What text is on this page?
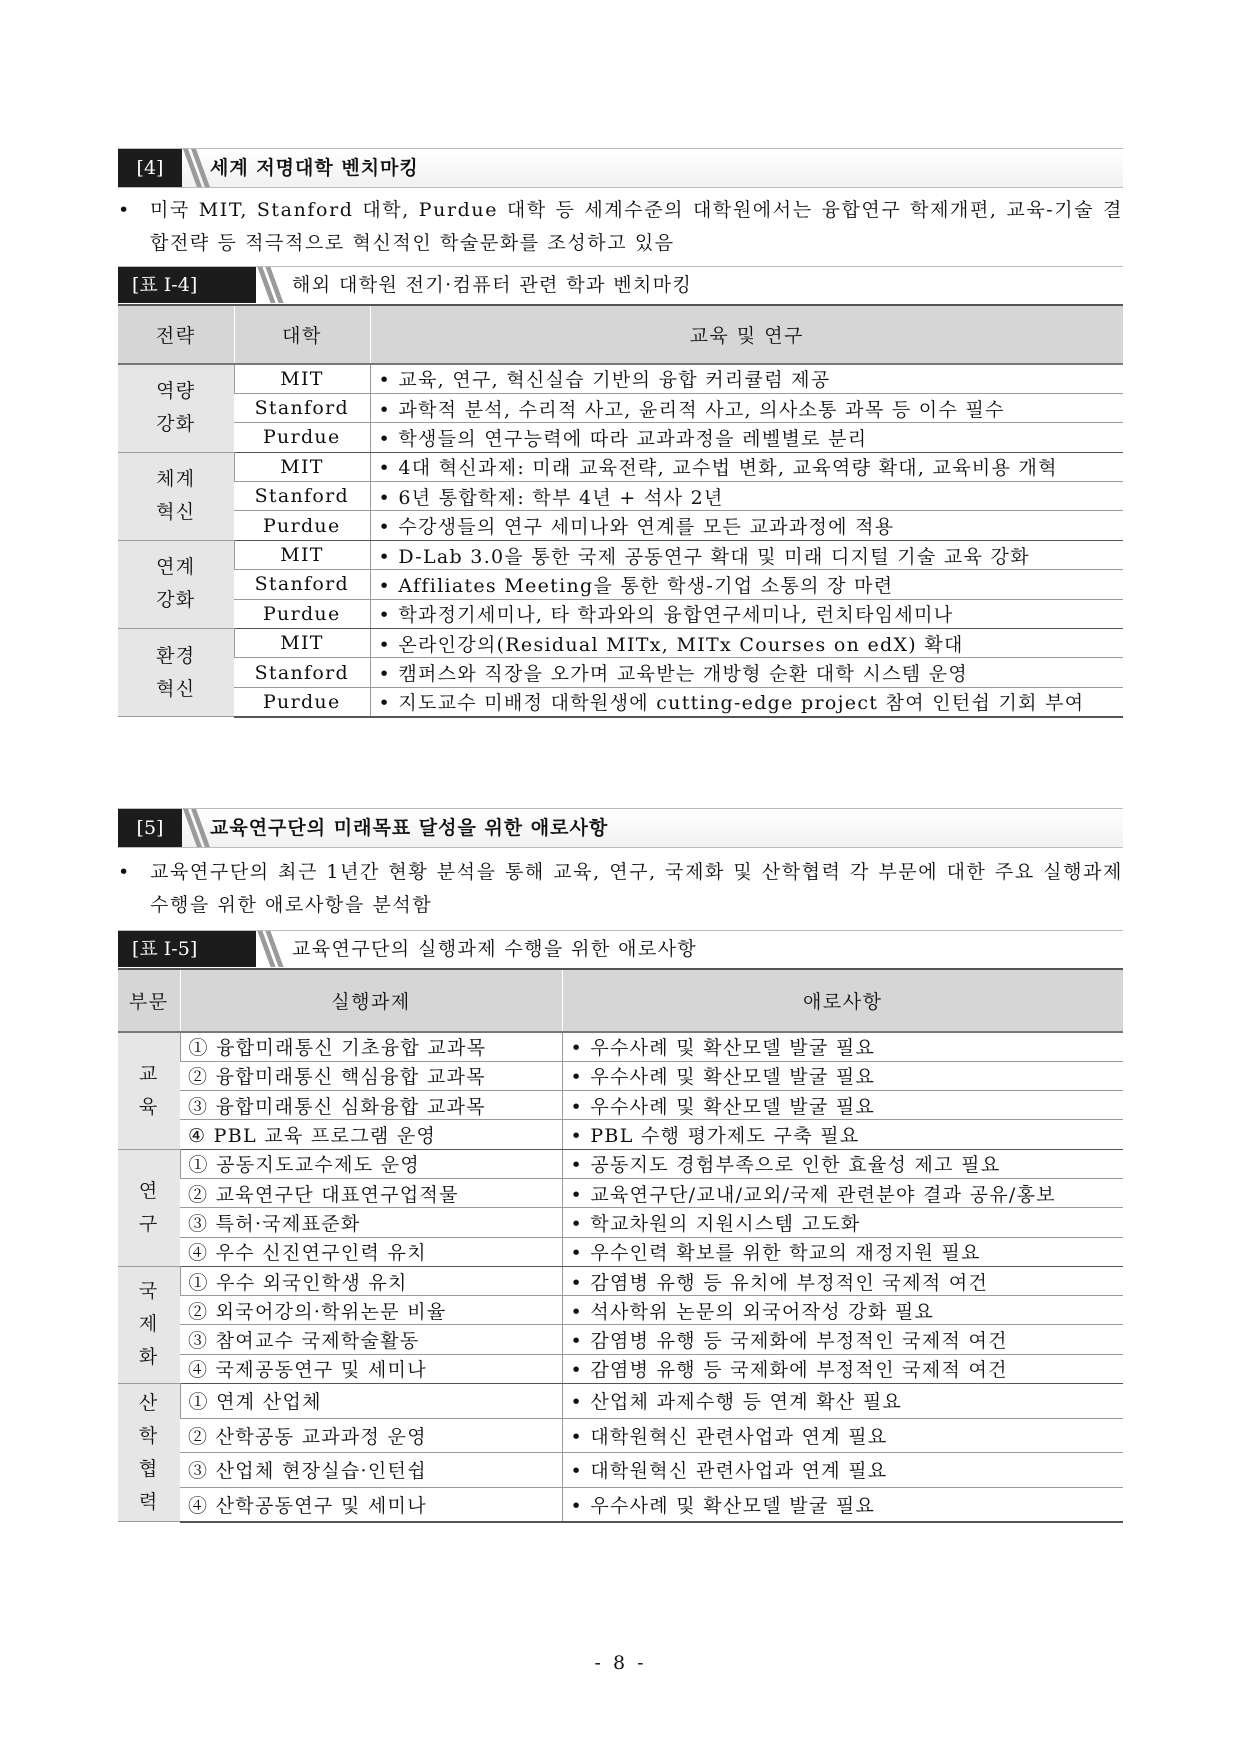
[4]	세계 저명대학 벤치마킹
•	미국 MIT, Stanford 대학, Purdue 대학 등 세계수준의 대학원에서는 융합연구 학제개편, 교육-기술 결합전략 등 적극적으로 혁신적인 학술문화를 조성하고 있음
[표 I-4]	해외 대학원 전기·컴퓨터 관련 학과 벤치마킹
전략	대학	교육 및 연구
역량 강화	MIT	• 교육, 연구, 혁신실습 기반의 융합 커리큘럼 제공
	Stanford	• 과학적 분석, 수리적 사고, 윤리적 사고, 의사소통 과목 등 이수 필수
	Purdue	• 학생들의 연구능력에 따라 교과과정을 레벨별로 분리
체계 혁신	MIT	• 4대 혁신과제: 미래 교육전략, 교수법 변화, 교육역량 확대, 교육비용 개혁
	Stanford	• 6년 통합학제: 학부 4년 + 석사 2년
	Purdue	• 수강생들의 연구 세미나와 연계를 모든 교과과정에 적용
연계 강화	MIT	• D-Lab 3.0을 통한 국제 공동연구 확대 및 미래 디지털 기술 교육 강화
	Stanford	• Affiliates Meeting을 통한 학생-기업 소통의 장 마련
	Purdue	• 학과정기세미나, 타 학과와의 융합연구세미나, 런치타임세미나
환경 혁신	MIT	• 온라인강의(Residual MITx, MITx Courses on edX) 확대
	Stanford	• 캠퍼스와 직장을 오가며 교육받는 개방형 순환 대학 시스템 운영
	Purdue	• 지도교수 미배정 대학원생에 cutting-edge project 참여 인턴쉽 기회 부여
[5]	교육연구단의 미래목표 달성을 위한 애로사항
•	교육연구단의 최근 1년간 현황 분석을 통해 교육, 연구, 국제화 및 산학협력 각 부문에 대한 주요 실행과제 수행을 위한 애로사항을 분석함
[표 I-5]	교육연구단의 실행과제 수행을 위한 애로사항
부문	실행과제	애로사항
교육	① 융합미래통신 기초융합 교과목	• 우수사례 및 확산모델 발굴 필요
	② 융합미래통신 핵심융합 교과목	• 우수사례 및 확산모델 발굴 필요
	③ 융합미래통신 심화융합 교과목	• 우수사례 및 확산모델 발굴 필요
	④ PBL 교육 프로그램 운영	• PBL 수행 평가제도 구축 필요
연구	① 공동지도교수제도 운영	• 공동지도 경험부족으로 인한 효율성 제고 필요
	② 교육연구단 대표연구업적물	• 교육연구단/교내/교외/국제 관련분야 결과 공유/홍보
	③ 특허·국제표준화	• 학교차원의 지원시스템 고도화
	④ 우수 신진연구인력 유치	• 우수인력 확보를 위한 학교의 재정지원 필요
국제화	① 우수 외국인학생 유치	• 감염병 유행 등 유치에 부정적인 국제적 여건
	② 외국어강의·학위논문 비율	• 석사학위 논문의 외국어작성 강화 필요
	③ 참여교수 국제학술활동	• 감염병 유행 등 국제화에 부정적인 국제적 여건
	④ 국제공동연구 및 세미나	• 감염병 유행 등 국제화에 부정적인 국제적 여건
산학협력	① 연계 산업체	• 산업체 과제수행 등 연계 확산 필요
	② 산학공동 교과과정 운영	• 대학원혁신 관련사업과 연계 필요
	③ 산업체 현장실습·인턴쉽	• 대학원혁신 관련사업과 연계 필요
	④ 산학공동연구 및 세미나	• 우수사례 및 확산모델 발굴 필요
- 8 -
